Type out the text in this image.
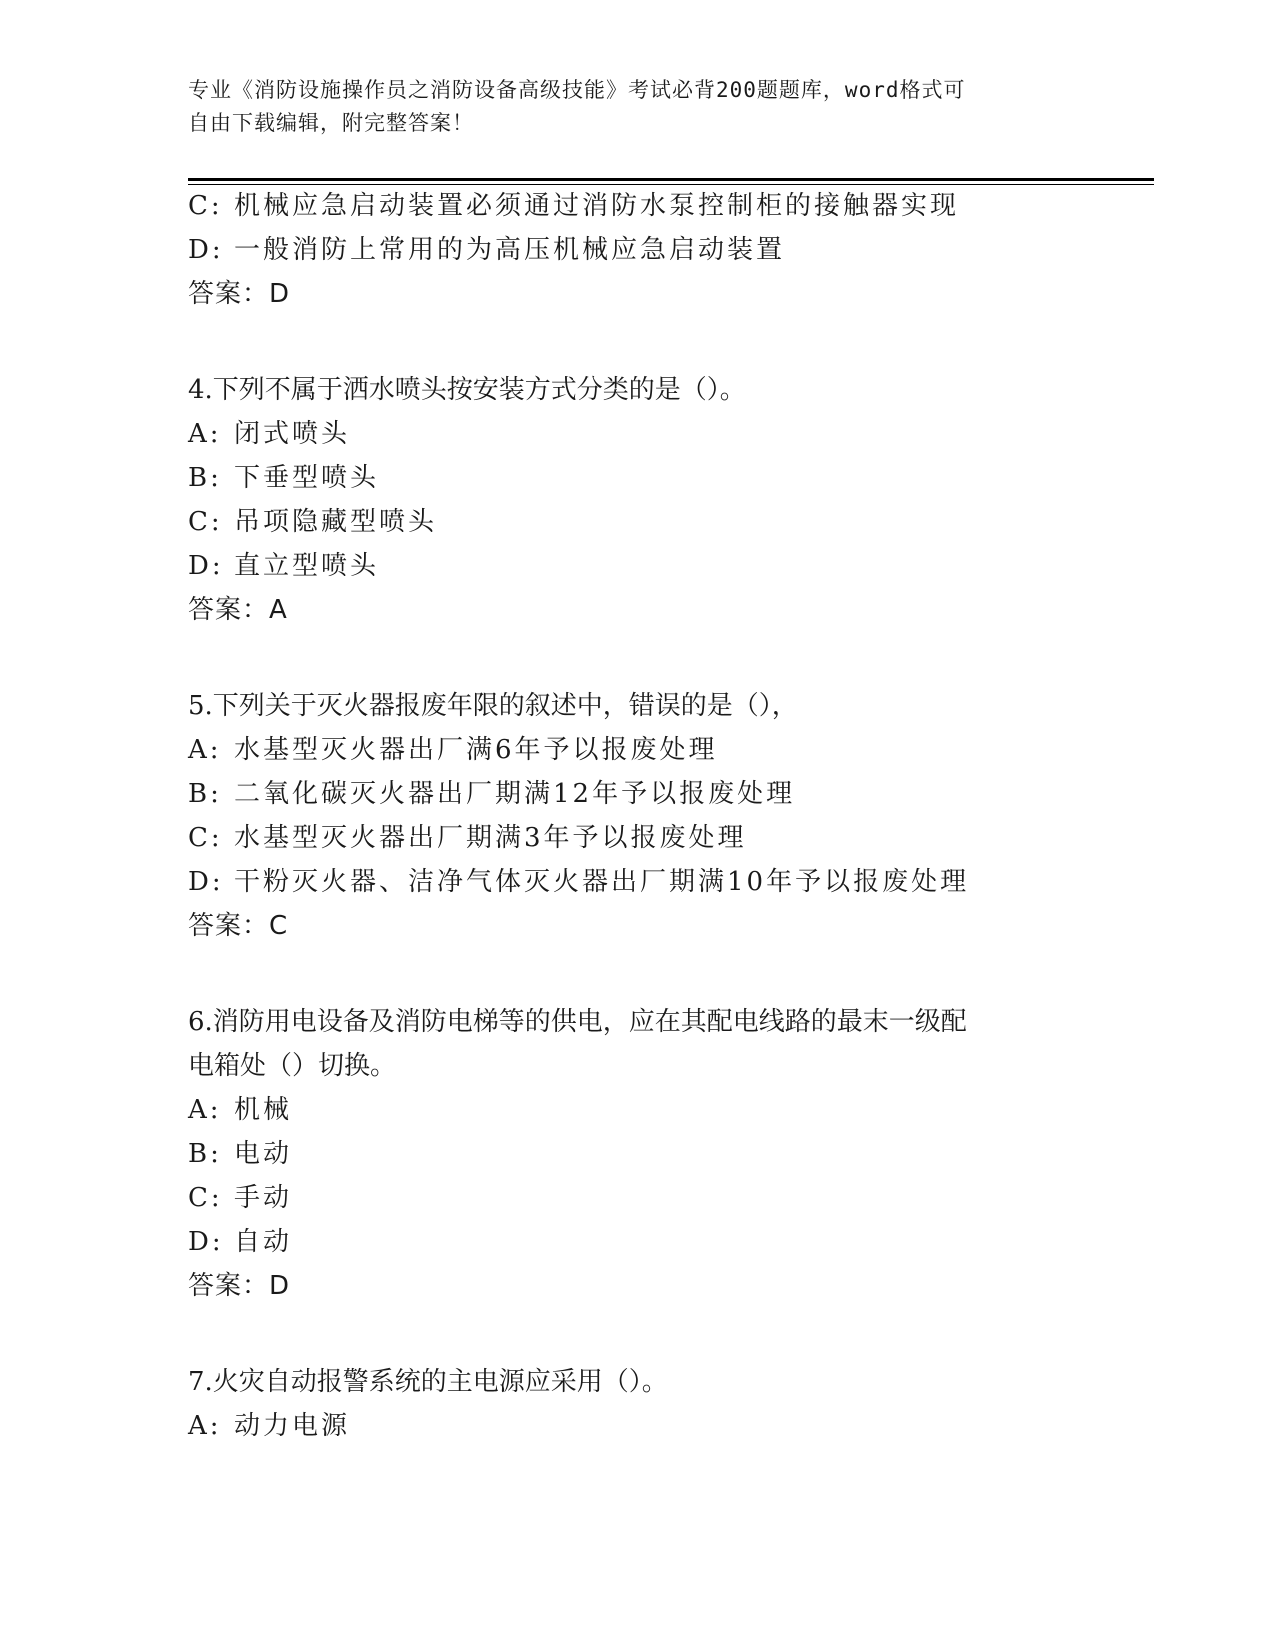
专业《消防设施操作员之消防设备高级技能》考试必背200题题库，word格式可
自由下载编辑，附完整答案！
C: 机械应急启动装置必须通过消防水泵控制柜的接触器实现
D: 一般消防上常用的为高压机械应急启动装置
答案：D
4.下列不属于洒水喷头按安装方式分类的是（）。
A: 闭式喷头
B: 下垂型喷头
C: 吊项隐藏型喷头
D: 直立型喷头
答案：A
5.下列关于灭火器报废年限的叙述中，错误的是（），
A: 水基型灭火器出厂满6年予以报废处理
B: 二氧化碳灭火器出厂期满12年予以报废处理
C: 水基型灭火器出厂期满3年予以报废处理
D: 干粉灭火器、洁净气体灭火器出厂期满10年予以报废处理
答案：C
6.消防用电设备及消防电梯等的供电，应在其配电线路的最末一级配
电箱处（）切换。
A: 机械
B: 电动
C: 手动
D: 自动
答案：D
7.火灾自动报警系统的主电源应采用（）。
A: 动力电源
